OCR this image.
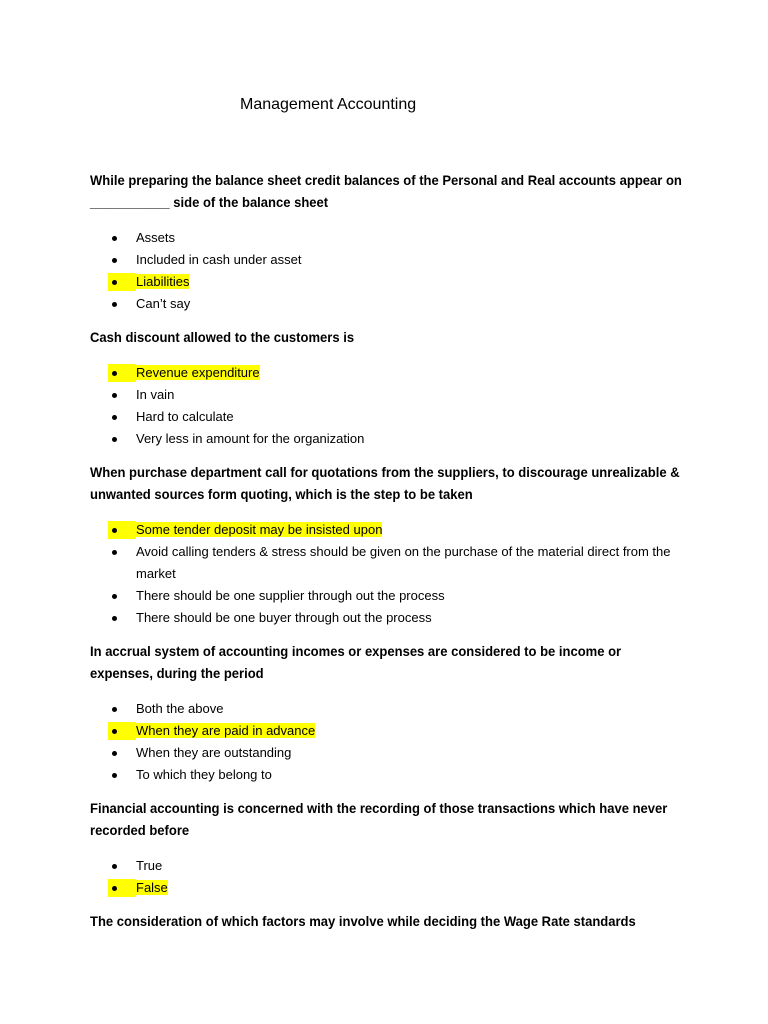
Management Accounting

While preparing the balance sheet credit balances of the Personal and Real accounts appear on ___________ side of the balance sheet

Assets
Included in cash under asset
Liabilities
Can’t say

Cash discount allowed to the customers is

Revenue expenditure
In vain
Hard to calculate
Very less in amount for the organization

When purchase department call for quotations from the suppliers, to discourage unrealizable & unwanted sources form quoting, which is the step to be taken

Some tender deposit may be insisted upon
Avoid calling tenders & stress should be given on the purchase of the material direct from the market
There should be one supplier through out the process
There should be one buyer through out the process

In accrual system of accounting incomes or expenses are considered to be income or expenses, during the period

Both the above
When they are paid in advance
When they are outstanding
To which they belong to

Financial accounting is concerned with the recording of those transactions which have never recorded before

True
False

The consideration of which factors may involve while deciding the Wage Rate standards
